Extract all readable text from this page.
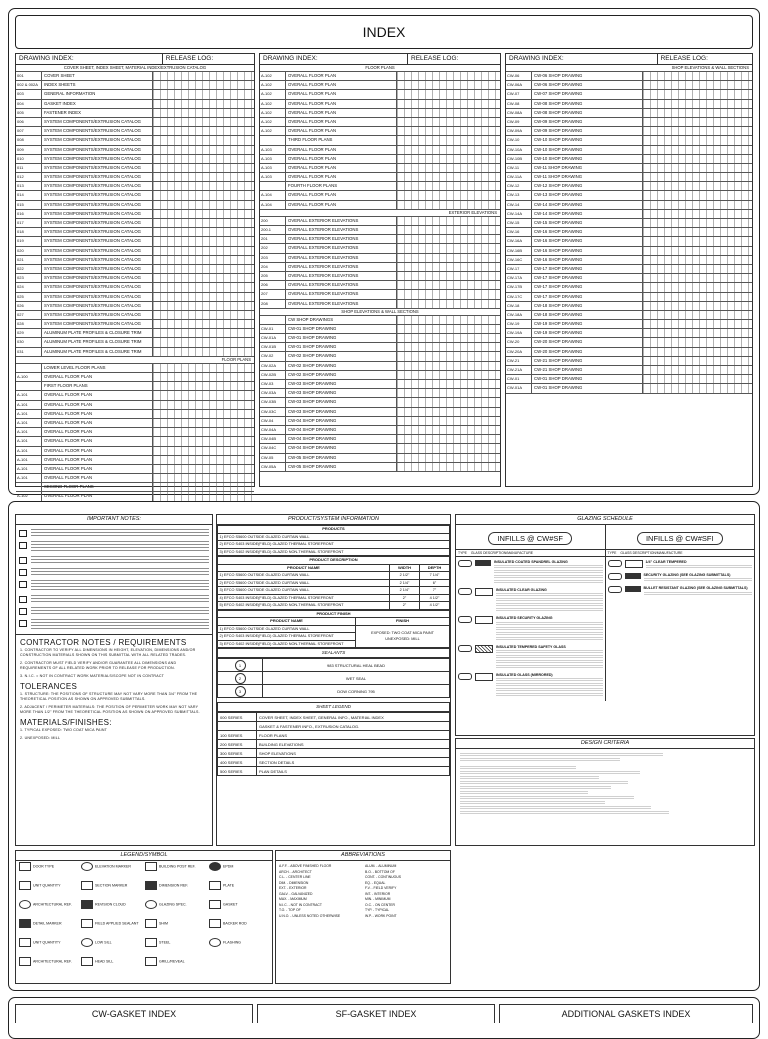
INDEX
DRAWING INDEX:	RELEASE LOG:
COVER SHEET, INDEX SHEET, MATERIAL INDEX/EXTRUSION CATALOG
001	COVER SHEET
002 & 002A	INDEX SHEETS
003	GENERAL INFORMATION
004	GASKET INDEX
005	FASTENER INDEX
006	SYSTEM COMPONENTS/EXTRUSION CATALOG
007	SYSTEM COMPONENTS/EXTRUSION CATALOG
008	SYSTEM COMPONENTS/EXTRUSION CATALOG
009	SYSTEM COMPONENTS/EXTRUSION CATALOG
010	SYSTEM COMPONENTS/EXTRUSION CATALOG
011	SYSTEM COMPONENTS/EXTRUSION CATALOG
012	SYSTEM COMPONENTS/EXTRUSION CATALOG
013	SYSTEM COMPONENTS/EXTRUSION CATALOG
014	SYSTEM COMPONENTS/EXTRUSION CATALOG
015	SYSTEM COMPONENTS/EXTRUSION CATALOG
016	SYSTEM COMPONENTS/EXTRUSION CATALOG
017	SYSTEM COMPONENTS/EXTRUSION CATALOG
018	SYSTEM COMPONENTS/EXTRUSION CATALOG
019	SYSTEM COMPONENTS/EXTRUSION CATALOG
020	SYSTEM COMPONENTS/EXTRUSION CATALOG
021	SYSTEM COMPONENTS/EXTRUSION CATALOG
022	SYSTEM COMPONENTS/EXTRUSION CATALOG
023	SYSTEM COMPONENTS/EXTRUSION CATALOG
024	SYSTEM COMPONENTS/EXTRUSION CATALOG
025	SYSTEM COMPONENTS/EXTRUSION CATALOG
026	SYSTEM COMPONENTS/EXTRUSION CATALOG
027	SYSTEM COMPONENTS/EXTRUSION CATALOG
028	SYSTEM COMPONENTS/EXTRUSION CATALOG
029	ALUMINUM PLATE PROFILES & CLOSURE TRIM
030	ALUMINUM PLATE PROFILES & CLOSURE TRIM
031	ALUMINUM PLATE PROFILES & CLOSURE TRIM
FLOOR PLANS
LOWER LEVEL FLOOR PLANS
A-100	OVERALL FLOOR PLAN
FIRST FLOOR PLANS
A-101	OVERALL FLOOR PLAN
A-101	OVERALL FLOOR PLAN
A-101	OVERALL FLOOR PLAN
A-101	OVERALL FLOOR PLAN
A-101	OVERALL FLOOR PLAN
A-101	OVERALL FLOOR PLAN
A-101	OVERALL FLOOR PLAN
A-101	OVERALL FLOOR PLAN
A-101	OVERALL FLOOR PLAN
A-101	OVERALL FLOOR PLAN
SECOND FLOOR PLANS
A-102	OVERALL FLOOR PLAN
DRAWING INDEX:	RELEASE LOG:
FLOOR PLANS
A-102	OVERALL FLOOR PLAN
A-102	OVERALL FLOOR PLAN
A-102	OVERALL FLOOR PLAN
A-102	OVERALL FLOOR PLAN
A-102	OVERALL FLOOR PLAN
A-102	OVERALL FLOOR PLAN
A-102	OVERALL FLOOR PLAN
THIRD FLOOR PLANS
A-103	OVERALL FLOOR PLAN
A-103	OVERALL FLOOR PLAN
A-103	OVERALL FLOOR PLAN
A-103	OVERALL FLOOR PLAN
FOURTH FLOOR PLANS
A-104	OVERALL FLOOR PLAN
A-104	OVERALL FLOOR PLAN
EXTERIOR ELEVATIONS
200	OVERALL EXTERIOR ELEVATIONS
200.1	OVERALL EXTERIOR ELEVATIONS
201	OVERALL EXTERIOR ELEVATIONS
202	OVERALL EXTERIOR ELEVATIONS
203	OVERALL EXTERIOR ELEVATIONS
204	OVERALL EXTERIOR ELEVATIONS
205	OVERALL EXTERIOR ELEVATIONS
206	OVERALL EXTERIOR ELEVATIONS
207	OVERALL EXTERIOR ELEVATIONS
208	OVERALL EXTERIOR ELEVATIONS
SHOP ELEVATIONS & WALL SECTIONS
CW SHOP DRAWINGS
CW-01	CW-01 SHOP DRAWING
CW-01A	CW-01 SHOP DRAWING
CW-01B	CW-01 SHOP DRAWING
CW-02	CW-02 SHOP DRAWING
CW-02A	CW-02 SHOP DRAWING
CW-02B	CW-02 SHOP DRAWING
CW-03	CW-03 SHOP DRAWING
CW-03A	CW-03 SHOP DRAWING
CW-03B	CW-03 SHOP DRAWING
CW-03C	CW-03 SHOP DRAWING
CW-04	CW-04 SHOP DRAWING
CW-04A	CW-04 SHOP DRAWING
CW-04B	CW-04 SHOP DRAWING
CW-04C	CW-04 SHOP DRAWING
CW-05	CW-05 SHOP DRAWING
CW-05A	CW-05 SHOP DRAWING
DRAWING INDEX:	RELEASE LOG:
SHOP ELEVATIONS & WALL SECTIONS
CW-06	CW-06 SHOP DRAWING
CW-06A	CW-06 SHOP DRAWING
CW-07	CW-07 SHOP DRAWING
CW-08	CW-08 SHOP DRAWING
CW-08A	CW-08 SHOP DRAWING
CW-09	CW-09 SHOP DRAWING
CW-09A	CW-09 SHOP DRAWING
CW-10	CW-10 SHOP DRAWING
CW-10A	CW-10 SHOP DRAWING
CW-10B	CW-10 SHOP DRAWING
CW-11	CW-11 SHOP DRAWING
CW-11A	CW-11 SHOP DRAWING
CW-12	CW-12 SHOP DRAWING
CW-13	CW-13 SHOP DRAWING
CW-14	CW-14 SHOP DRAWING
CW-14A	CW-14 SHOP DRAWING
CW-15	CW-15 SHOP DRAWING
CW-16	CW-16 SHOP DRAWING
CW-16A	CW-16 SHOP DRAWING
CW-16B	CW-16 SHOP DRAWING
CW-16C	CW-16 SHOP DRAWING
CW-17	CW-17 SHOP DRAWING
CW-17A	CW-17 SHOP DRAWING
CW-17B	CW-17 SHOP DRAWING
CW-17C	CW-17 SHOP DRAWING
CW-18	CW-18 SHOP DRAWING
CW-18A	CW-18 SHOP DRAWING
CW-19	CW-19 SHOP DRAWING
CW-19A	CW-19 SHOP DRAWING
CW-20	CW-20 SHOP DRAWING
CW-20A	CW-20 SHOP DRAWING
CW-21	CW-21 SHOP DRAWING
CW-21A	CW-21 SHOP DRAWING
CW-01	CW-01 SHOP DRAWING
CW-01A	CW-01 SHOP DRAWING
IMPORTANT NOTES:
CONTRACTOR NOTES / REQUIREMENTS
1. CONTRACTOR TO VERIFY ALL DIMENSIONS IN HEIGHT, ELEVATION, DIMENSIONS AND/OR CONSTRUCTION MATERIALS SHOWN ON THIS SUBMITTAL WITH ALL RELATED TRADES.
2. CONTRACTOR MUST FIELD VERIFY AND/OR GUARANTEE ALL DIMENSIONS AND REQUIREMENTS OF ALL RELATED WORK PRIOR TO RELEASE FOR PRODUCTION.
3. N.I.C. = NOT IN CONTRACT WORK MATERIALS/SCOPE NOT IN CONTRACT
TOLERANCES
1. STRUCTURE: THE POSITIONS OF STRUCTURE MAY NOT VARY MORE THAN 3/4" FROM THE THEORETICAL POSITION AS SHOWN ON APPROVED SUBMITTALS.
2. ADJACENT / PERIMETER MATERIALS: THE POSITION OF PERIMETER WORK MAY NOT VARY MORE THAN 1/2" FROM THE THEORETICAL POSITION AS SHOWN ON APPROVED SUBMITTALS.
MATERIALS/FINISHES:
1. TYPICAL EXPOSED: TWO COAT MICA PAINT
2. UNEXPOSED: MILL
PRODUCT/SYSTEM INFORMATION
PRODUCTS
1) EFCO S5600 OUTSIDE GLAZED CURTAIN WALL
2) EFCO S403 INSIDE(FIELD) GLAZED THERMAL STOREFRONT
3) EFCO S402 INSIDE(FIELD) GLAZED NON-THERMAL STOREFRONT
PRODUCT DESCRIPTION		
PRODUCT NAME	WIDTH	DEPTH
1) EFCO S5600 OUTSIDE GLAZED CURTAIN WALL	2 1/2"	7 1/4"
2) EFCO S5600 OUTSIDE GLAZED CURTAIN WALL	2 1/4"	6"
3) EFCO S5600 OUTSIDE GLAZED CURTAIN WALL	2 1/4"	7"
4) EFCO S403 INSIDE(FIELD) GLAZED THERMAL STOREFRONT	2"	4 1/2"
5) EFCO S402 INSIDE(FIELD) GLAZED NON-THERMAL STOREFRONT	2"	4 1/2"
PRODUCT FINISH	
PRODUCT NAME	FINISH
1) EFCO S5600 OUTSIDE GLAZED CURTAIN WALL	EXPOSED: TWO COAT MICA PAINT
UNEXPOSED: MILL
2) EFCO S403 INSIDE(FIELD) GLAZED THERMAL STOREFRONT	
3) EFCO S402 INSIDE(FIELD) GLAZED NON-THERMAL STOREFRONT	
SEALANTS
1	983 STRUCTURAL HEAL BEAD
2	WET SEAL
3	DOW CORNING 795
SHEET LEGEND
000 SERIES	COVER SHEET, INDEX SHEET, GENERAL INFO., MATERIAL INDEX
	GASKET & FASTENER INFO., EXTRUSION CATALOG.
100 SERIES	FLOOR PLANS
200 SERIES	BUILDING ELEVATIONS
300 SERIES	SHOP ELEVATIONS
400 SERIES	SECTION DETAILS
500 SERIES	PLAN DETAILS
GLAZING SCHEDULE
INFILLS @ CW#SF
TYPE	GLASS DESCRIPTION/MANUFACTURE
INSULATED COATED SPANDREL GLAZING
INSULATED CLEAR GLAZING
INSULATED SECURITY GLAZING
INSULATED TEMPERED SAFETY GLASS
INSULATED GLASS (MIRRORED)
INFILLS @ CW#SFI
TYPE	GLASS DESCRIPTION/MANUFACTURE
1/4" CLEAR TEMPERED
SECURITY GLAZING (SEE GLAZING SUBMITTALS)
BULLET RESISTANT GLAZING (SEE GLAZING SUBMITTALS)
DESIGN CRITERIA
LEGEND/SYMBOL
DOOR TYPE
UNIT QUANTITY
ARCHITECTURAL REF.
DETAIL MARKER
UNIT QUANTITY
ARCHITECTURAL REF.
ELEVATION MARKER
SECTION MARKER
REVISION CLOUD
FIELD APPLIED SEALANT
LOW SILL
HEAD SILL
BUILDING POST REF.
DIMENSION REF.
GLAZING SPEC.
SHIM
STEEL
GRILL/REVEAL
EPDM
PLATE
GASKET
BACKER ROD
FLASHING
ABBREVIATIONS
A.F.F. - ABOVE FINISHED FLOOR	ALUM. - ALUMINUM
ARCH. - ARCHITECT	B.O. - BOTTOM OF
C.L. - CENTER LINE	CONT. - CONTINUOUS
DIM. - DIMENSION	EQ. - EQUAL
EXT. - EXTERIOR	F.V. - FIELD VERIFY
GALV. - GALVANIZED	INT. - INTERIOR
MAX. - MAXIMUM	MIN. - MINIMUM
N.I.C. - NOT IN CONTRACT	O.C. - ON CENTER
T.O. - TOP OF	TYP. - TYPICAL
U.N.O. - UNLESS NOTED OTHERWISE	W.P. - WORK POINT
CW-GASKET INDEX	SF-GASKET INDEX	ADDITIONAL GASKETS INDEX
